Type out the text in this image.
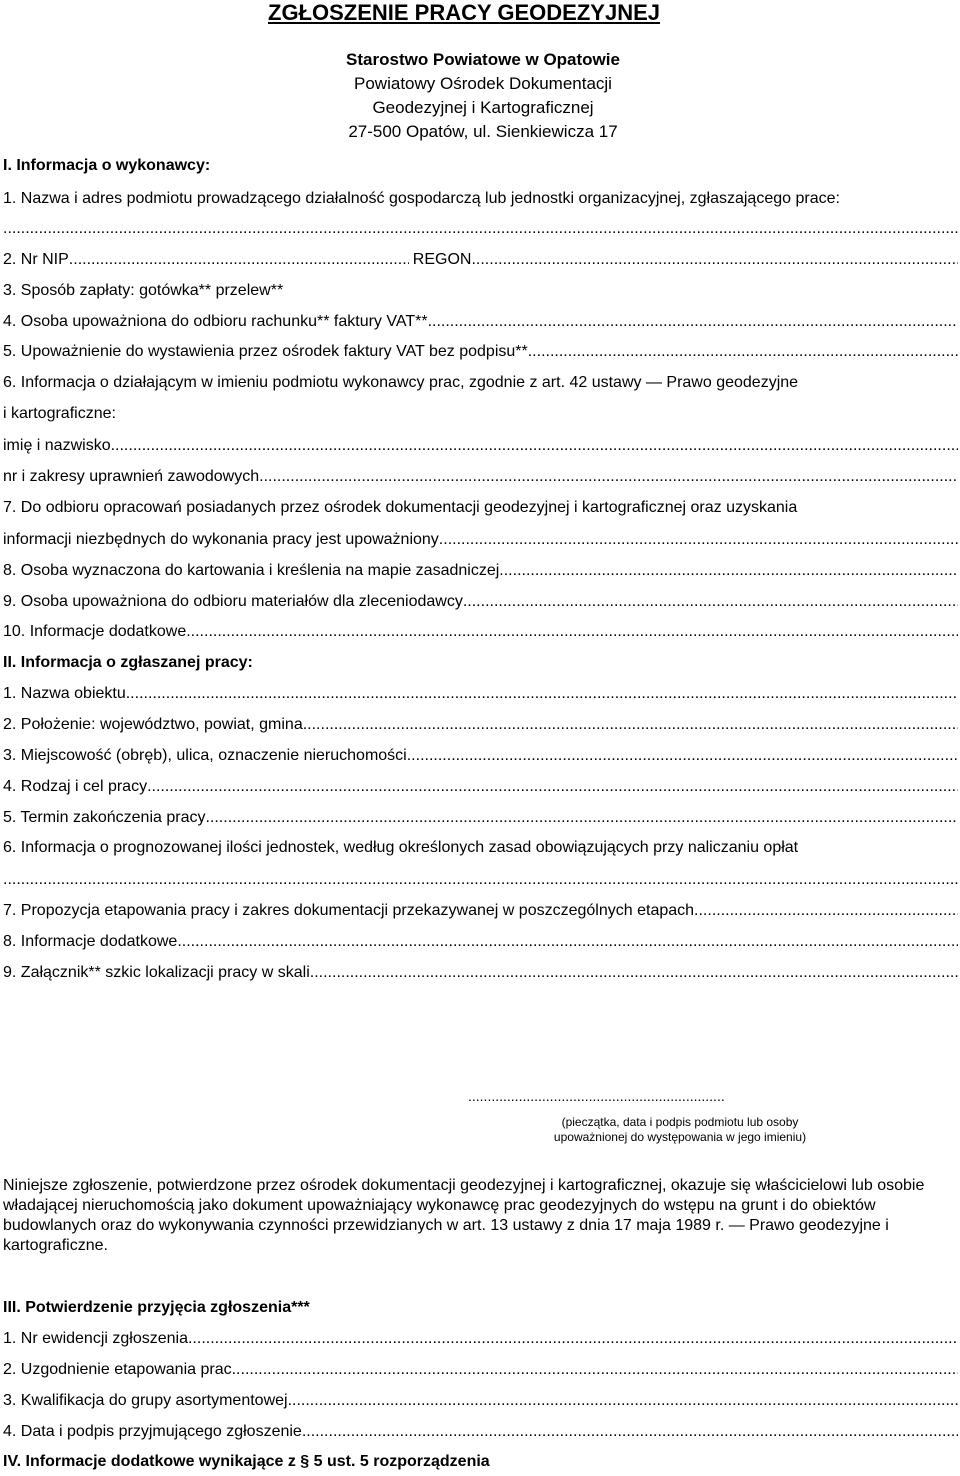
ZGŁOSZENIE PRACY GEODEZYJNEJ
Starostwo Powiatowe w Opatowie
Powiatowy Ośrodek Dokumentacji
Geodezyjnej i Kartograficznej
27-500 Opatów, ul. Sienkiewicza 17
I. Informacja o wykonawcy:
1. Nazwa i adres podmiotu prowadzącego działalność gospodarczą lub jednostki organizacyjnej, zgłaszającego prace:
.....
2. Nr NIP
.....	REGON
.....
3. Sposób zapłaty: gotówka** przelew**
4. Osoba upoważniona do odbioru rachunku** faktury VAT**
.....
5. Upoważnienie do wystawienia przez ośrodek faktury VAT bez podpisu**
.....
6. Informacja o działającym w imieniu podmiotu wykonawcy prac, zgodnie z art. 42 ustawy — Prawo geodezyjne
i kartograficzne:
imię i nazwisko
.....
nr i zakresy uprawnień zawodowych
.....
7. Do odbioru opracowań posiadanych przez ośrodek dokumentacji geodezyjnej i kartograficznej oraz uzyskania
informacji niezbędnych do wykonania pracy jest upoważniony
.....
8. Osoba wyznaczona do kartowania i kreślenia na mapie zasadniczej
.....
9. Osoba upoważniona do odbioru materiałów dla zleceniodawcy
.....
10. Informacje dodatkowe
.....
II. Informacja o zgłaszanej pracy:
1. Nazwa obiektu
.....
2. Położenie: województwo, powiat, gmina
.....
3. Miejscowość (obręb), ulica, oznaczenie nieruchomości
.....
4. Rodzaj i cel pracy
.....
5. Termin zakończenia pracy
.....
6. Informacja o prognozowanej ilości jednostek, według określonych zasad obowiązujących przy naliczaniu opłat
.....
7. Propozycja etapowania pracy i zakres dokumentacji przekazywanej w poszczególnych etapach
.....
8. Informacje dodatkowe
.....
9. Załącznik** szkic lokalizacji pracy w skali
.....
..................................................................
(pieczątka, data i podpis podmiotu lub osoby
upoważnionej do występowania w jego imieniu)
Niniejsze zgłoszenie, potwierdzone przez ośrodek dokumentacji geodezyjnej i kartograficznej, okazuje się właścicielowi lub osobie władającej nieruchomością jako dokument upoważniający wykonawcę prac geodezyjnych do wstępu na grunt i do obiektów budowlanych oraz do wykonywania czynności przewidzianych w art. 13 ustawy z dnia 17 maja 1989 r. — Prawo geodezyjne i kartograficzne.
III. Potwierdzenie przyjęcia zgłoszenia***
1. Nr ewidencji zgłoszenia
.....
2. Uzgodnienie etapowania prac
.....
3. Kwalifikacja do grupy asortymentowej
.....
4. Data i podpis przyjmującego zgłoszenie
.....
IV. Informacje dodatkowe wynikające z § 5 ust. 5 rozporządzenia
